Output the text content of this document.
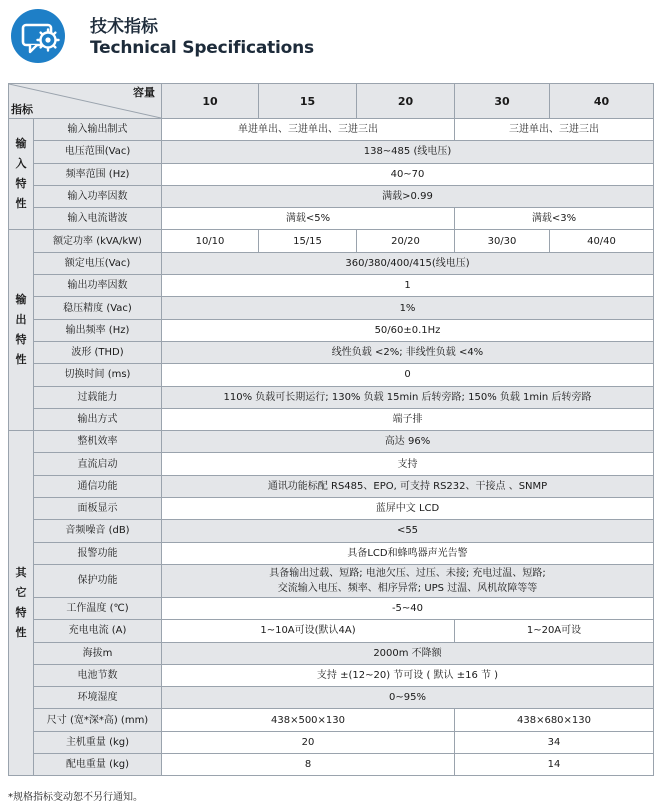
技术指标
Technical Specifications
容量
指标		10	15	20	30	40
输入特性	输入输出制式	单进单出、三进单出、三进三出			三进单出、三进三出	
	电压范围(Vac)	138~485 (线电压)				
	频率范围 (Hz)	40~70				
	输入功率因数	满载>0.99				
	输入电流谐波	满载<5%			满载<3%	
输出特性	额定功率 (kVA/kW)	10/10	15/15	20/20	30/30	40/40
	额定电压(Vac)	360/380/400/415(线电压)				
	输出功率因数	1				
	稳压精度 (Vac)	1%				
	输出频率 (Hz)	50/60±0.1Hz				
	波形 (THD)	线性负载 <2%; 非线性负载 <4%				
	切换时间 (ms)	0				
	过载能力	110% 负载可长期运行; 130% 负载 15min 后转旁路; 150% 负载 1min 后转旁路				
	输出方式	端子排				
其它特性	整机效率	高达 96%				
	直流启动	支持				
	通信功能	通讯功能标配 RS485、EPO, 可支持 RS232、干接点 、SNMP				
	面板显示	蓝屏中文 LCD				
	音频噪音 (dB)	<55				
	报警功能	具备LCD和蜂鸣器声光告警				
	保护功能	具备输出过载、短路; 电池欠压、过压、未接; 充电过温、短路;
交流输入电压、频率、相序异常; UPS 过温、风机故障等等				

	工作温度 (℃)	-5~40				
	充电电流 (A)	1~10A可设(默认4A)			1~20A可设	
	海拔m	2000m 不降额				
	电池节数	支持 ±(12~20) 节可设 ( 默认 ±16 节 )				
	环境湿度	0~95%				
	尺寸 (宽*深*高) (mm)	438×500×130			438×680×130	
	主机重量 (kg)	20			34	
	配电重量 (kg)	8			14	
*规格指标变动恕不另行通知。
